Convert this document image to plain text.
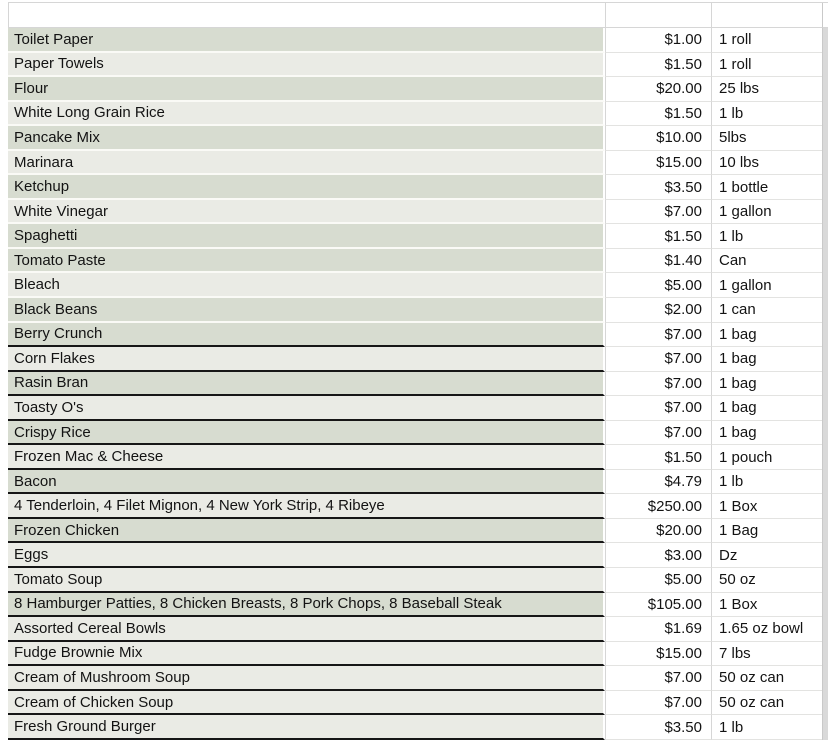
Toilet Paper	$1.00	1 roll
Paper Towels	$1.50	1 roll
Flour	$20.00	25 lbs
White Long Grain Rice	$1.50	1 lb
Pancake Mix	$10.00	5lbs
Marinara	$15.00	10 lbs
Ketchup	$3.50	1 bottle
White Vinegar	$7.00	1 gallon
Spaghetti	$1.50	1 lb
Tomato Paste	$1.40	Can
Bleach	$5.00	1 gallon
Black Beans	$2.00	1 can
Berry Crunch	$7.00	1 bag
Corn Flakes	$7.00	1 bag
Rasin Bran	$7.00	1 bag
Toasty O's	$7.00	1 bag
Crispy Rice	$7.00	1 bag
Frozen Mac & Cheese	$1.50	1 pouch
Bacon	$4.79	1 lb
4 Tenderloin, 4 Filet Mignon, 4 New York Strip, 4 Ribeye	$250.00	1 Box
Frozen Chicken	$20.00	1 Bag
Eggs	$3.00	Dz
Tomato Soup	$5.00	50 oz
8 Hamburger Patties, 8 Chicken Breasts, 8 Pork Chops, 8 Baseball Steak	$105.00	1 Box
Assorted Cereal Bowls	$1.69	1.65 oz bowl
Fudge Brownie Mix	$15.00	7 lbs
Cream of Mushroom Soup	$7.00	50 oz can
Cream of Chicken Soup	$7.00	50 oz can
Fresh Ground Burger	$3.50	1 lb
